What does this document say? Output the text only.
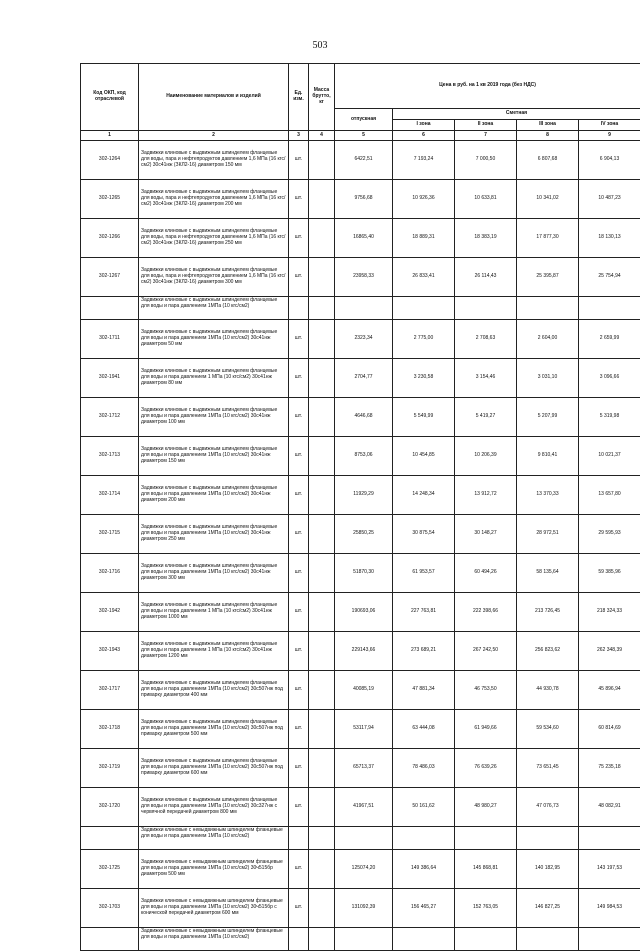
503
Код ОКП, код отраслевой	Наименование материалов и изделий	Ед. изм.	Масса брутто, кг	Цена в руб. на 1 кв 2019 года (без НДС)				
				отпускная	Сметная			
					I зона	II зона	III зона	IV зона
1	2	3	4	5	6	7	8	9
302-1264	Задвижки клиновые с выдвижным шпинделем фланцевые для воды, пара и нефтепродуктов давлением 1,6 МПа (16 кгс/см2) 30с41нж (ЗКЛ2-16) диаметром 150 мм	шт.		6422,51	7 193,24	7 000,50	6 807,68	6 904,13
302-1265	Задвижки клиновые с выдвижным шпинделем фланцевые для воды, пара и нефтепродуктов давлением 1,6 МПа (16 кгс/см2) 30с41нж (ЗКЛ2-16) диаметром 200 мм	шт.		9756,68	10 926,36	10 633,81	10 341,02	10 487,23
302-1266	Задвижки клиновые с выдвижным шпинделем фланцевые для воды, пара и нефтепродуктов давлением 1,6 МПа (16 кгс/см2) 30с41нж (ЗКЛ2-16) диаметром 250 мм	шт.		16865,40	18 889,31	18 383,19	17 877,30	18 130,13
302-1267	Задвижки клиновые с выдвижным шпинделем фланцевые для воды, пара и нефтепродуктов давлением 1,6 МПа (16 кгс/см2) 30с41нж (ЗКЛ2-16) диаметром 300 мм	шт.		23958,33	26 833,41	26 114,43	25 395,87	25 754,94
	Задвижки клиновые с выдвижным шпинделем фланцевые для воды и пара давлением 1МПа (10 кгс/см2)							
302-1711	Задвижки клиновые с выдвижным шпинделем фланцевые для воды и пара давлением 1МПа (10 кгс/см2) 30с41нж диаметром 50 мм	шт.		2323,34	2 775,00	2 708,63	2 604,00	2 659,99
302-1941	Задвижки клиновые с выдвижным шпинделем фланцевые для воды и пара давлением 1 МПа (10 кгс/см2) 30с41нж диаметром 80 мм	шт.		2704,77	3 230,58	3 154,46	3 031,10	3 096,66
302-1712	Задвижки клиновые с выдвижным шпинделем фланцевые для воды и пара давлением 1МПа (10 кгс/см2) 30с41нж диаметром 100 мм	шт.		4646,68	5 549,99	5 419,27	5 207,99	5 319,98
302-1713	Задвижки клиновые с выдвижным шпинделем фланцевые для воды и пара давлением 1МПа (10 кгс/см2) 30с41нж диаметром 150 мм	шт.		8753,06	10 454,85	10 206,39	9 810,41	10 021,37
302-1714	Задвижки клиновые с выдвижным шпинделем фланцевые для воды и пара давлением 1МПа (10 кгс/см2) 30с41нж диаметром 200 мм	шт.		11929,29	14 248,34	13 912,72	13 370,33	13 657,80
302-1715	Задвижки клиновые с выдвижным шпинделем фланцевые для воды и пара давлением 1МПа (10 кгс/см2) 30с41нж диаметром 250 мм	шт.		25850,25	30 875,54	30 148,27	28 972,51	29 595,93
302-1716	Задвижки клиновые с выдвижным шпинделем фланцевые для воды и пара давлением 1МПа (10 кгс/см2) 30с41нж диаметром 300 мм	шт.		51870,30	61 953,57	60 494,26	58 135,64	59 385,96
302-1942	Задвижки клиновые с выдвижным шпинделем фланцевые для воды и пара давлением 1 МПа (10 кгс/см2) 30с41нж диаметром 1000 мм	шт.		190693,06	227 763,81	222 398,66	213 726,45	218 324,33
302-1943	Задвижки клиновые с выдвижным шпинделем фланцевые для воды и пара давлением 1 МПа (10 кгс/см2) 30с41нж диаметром 1200 мм	шт.		229143,66	273 689,21	267 242,50	256 823,62	262 348,39
302-1717	Задвижки клиновые с выдвижным шпинделем фланцевые для воды и пара давлением 1МПа (10 кгс/см2) 30с507нж под приварку диаметром 400 мм	шт.		40085,19	47 881,34	46 753,50	44 930,78	45 896,94
302-1718	Задвижки клиновые с выдвижным шпинделем фланцевые для воды и пара давлением 1МПа (10 кгс/см2) 30с507нж под приварку диаметром 500 мм	шт.		53117,94	63 444,08	61 949,66	59 534,60	60 814,69
302-1719	Задвижки клиновые с выдвижным шпинделем фланцевые для воды и пара давлением 1МПа (10 кгс/см2) 30с507нж под приварку диаметром 600 мм	шт.		65713,37	78 486,03	76 639,26	73 651,45	75 235,18
302-1720	Задвижки клиновые с выдвижным шпинделем фланцевые для воды и пара давлением 1МПа (10 кгс/см2) 30с327нж с червячной передачей диаметром 800 мм	шт.		41967,51	50 161,62	48 980,27	47 076,73	48 082,91
	Задвижки клиновые с невыдвижным шпинделем фланцевые для воды и пара давлением 1МПа (10 кгс/см2)							
302-1725	Задвижки клиновые с невыдвижным шпинделем фланцевые для воды и пара давлением 1МПа (10 кгс/см2) 30ч515бр диаметром 500 мм	шт.		125074,20	149 386,64	145 868,81	140 182,95	143 197,53
302-1703	Задвижки клиновые с невыдвижным шпинделем фланцевые для воды и пара давлением 1МПа (10 кгс/см2) 30ч515бр с конической передачей диаметром 600 мм	шт.		131092,39	156 465,27	152 763,05	146 827,25	149 984,53
	Задвижки клиновые с невыдвижным шпинделем фланцевые для воды и пара давлением 1МПа (10 кгс/см2)							
